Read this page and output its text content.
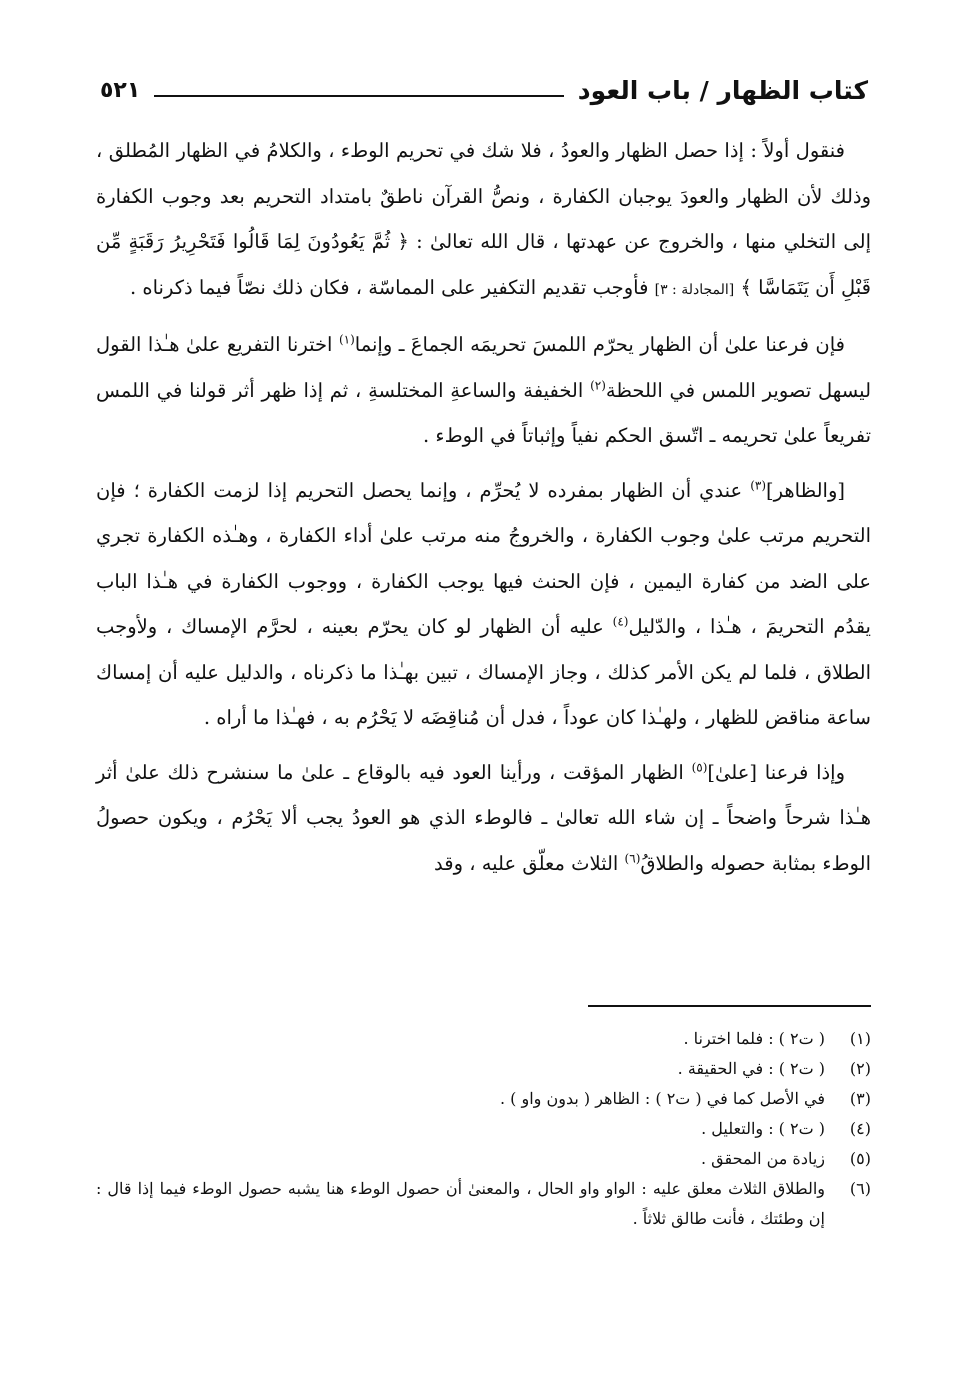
كتاب الظهار / باب العود
٥٢١

فنقول أولاً : إذا حصل الظهار والعودُ ، فلا شك في تحريم الوطء ، والكلامُ في الظهار المُطلق ، وذلك لأن الظهار والعودَ يوجبان الكفارة ، ونصُّ القرآن ناطقٌ بامتداد التحريم بعد وجوب الكفارة إلى التخلي منها ، والخروج عن عهدتها ، قال الله تعالىٰ : ﴿ ثُمَّ يَعُودُونَ لِمَا قَالُوا فَتَحْرِيرُ رَقَبَةٍ مِّن قَبْلِ أَن يَتَمَاسَّا ﴾ [المجادلة : ٣] فأوجب تقديم التكفير على المماسّة ، فكان ذلك نصّاً فيما ذكرناه .

فإن فرعنا علىٰ أن الظهار يحرّم اللمسَ تحريمَه الجماعَ ـ وإنما$^{(١)}$ اخترنا التفريع علىٰ هـٰذا القول ليسهل تصوير اللمس في اللحظة$^{(٢)}$ الخفيفة والساعةِ المختلسةِ ، ثم إذا ظهر أثر قولنا في اللمس تفريعاً علىٰ تحريمه ـ اتّسق الحكم نفياً وإثباتاً في الوطء .

[والظاهر]$^{(٣)}$ عندي أن الظهار بمفرده لا يُحرِّم ، وإنما يحصل التحريم إذا لزمت الكفارة ؛ فإن التحريم مرتب علىٰ وجوب الكفارة ، والخروجُ منه مرتب علىٰ أداء الكفارة ، وهـٰذه الكفارة تجري على الضد من كفارة اليمين ، فإن الحنث فيها يوجب الكفارة ، ووجوب الكفارة في هـٰذا الباب يقدُم التحريمَ ، هـٰذا ، والدّليل$^{(٤)}$ عليه أن الظهار لو كان يحرّم بعينه ، لحرَّم الإمساك ، ولأوجب الطلاق ، فلما لم يكن الأمر كذلك ، وجاز الإمساك ، تبين بهـٰذا ما ذكرناه ، والدليل عليه أن إمساك ساعة مناقض للظهار ، ولهـٰذا كان عوداً ، فدل أن مُناقِضَه لا يَحْرُم به ، فهـٰذا ما أراه .

وإذا فرعنا [علىٰ]$^{(٥)}$ الظهار المؤقت ، ورأينا العود فيه بالوقاع ـ علىٰ ما سنشرح ذلك علىٰ أثر هـٰذا شرحاً واضحاً ـ إن شاء الله تعالىٰ ـ فالوطء الذي هو العودُ يجب ألا يَحْرُم ، ويكون حصولُ الوطء بمثابة حصوله والطلاقُ$^{(٦)}$ الثلاث معلّق عليه ، وقد

(١)
( ت٢ ) : فلما اخترنا .
(٢)
( ت٢ ) : في الحقيقة .
(٣)
في الأصل كما في ( ت٢ ) : الظاهر ( بدون واو ) .
(٤)
( ت٢ ) : والتعليل .
(٥)
زيادة من المحقق .
(٦)
والطلاق الثلاث معلق عليه : الواو واو الحال ، والمعنىٰ أن حصول الوطء هنا يشبه حصول الوطء فيما إذا قال : إن وطئتك ، فأنت طالق ثلاثاً .
